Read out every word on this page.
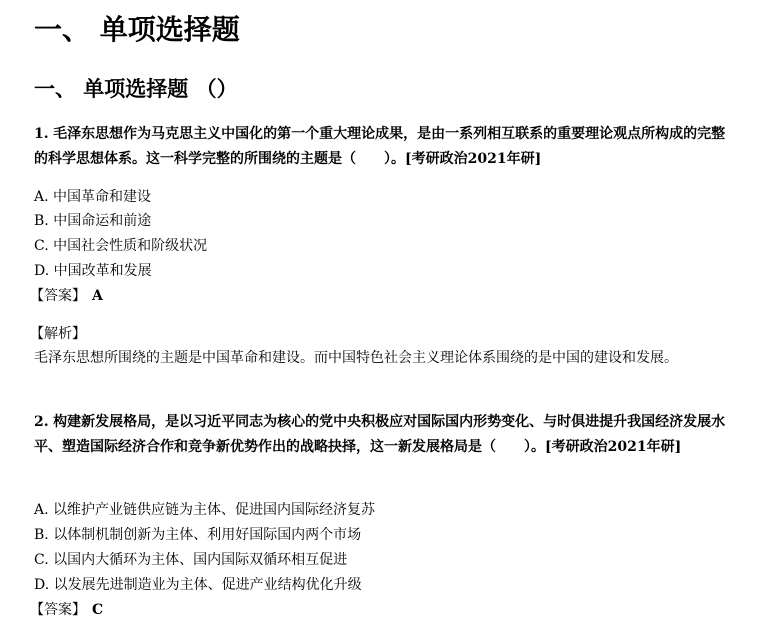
一、 单项选择题
一、 单项选择题 （）
1. 毛泽东思想作为马克思主义中国化的第一个重大理论成果，是由一系列相互联系的重要理论观点所构成的完整的科学思想体系。这一科学完整的所围绕的主题是（　　）。[考研政治2021年研]
A. 中国革命和建设
B. 中国命运和前途
C. 中国社会性质和阶级状况
D. 中国改革和发展
【答案】 A
【解析】
毛泽东思想所围绕的主题是中国革命和建设。而中国特色社会主义理论体系围绕的是中国的建设和发展。
2. 构建新发展格局，是以习近平同志为核心的党中央积极应对国际国内形势变化、与时俱进提升我国经济发展水平、塑造国际经济合作和竞争新优势作出的战略抉择，这一新发展格局是（　　）。[考研政治2021年研]
A. 以维护产业链供应链为主体、促进国内国际经济复苏
B. 以体制机制创新为主体、利用好国际国内两个市场
C. 以国内大循环为主体、国内国际双循环相互促进
D. 以发展先进制造业为主体、促进产业结构优化升级
【答案】 C
